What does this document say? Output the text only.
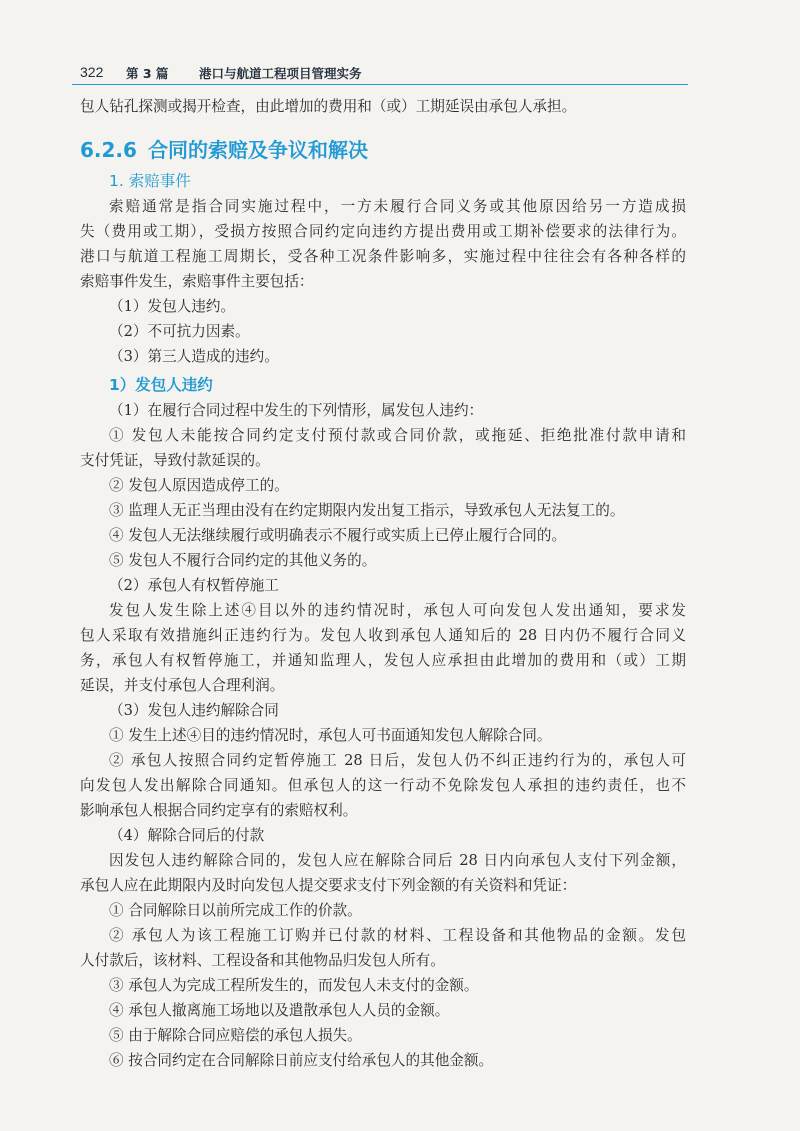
322 第 3 篇 港口与航道工程项目管理实务
包人钻孔探测或揭开检查，由此增加的费用和（或）工期延误由承包人承担。
6.2.6 合同的索赔及争议和解决
1. 索赔事件
索赔通常是指合同实施过程中，一方未履行合同义务或其他原因给另一方造成损
失（费用或工期），受损方按照合同约定向违约方提出费用或工期补偿要求的法律行为。
港口与航道工程施工周期长，受各种工况条件影响多，实施过程中往往会有各种各样的
索赔事件发生，索赔事件主要包括：
（1）发包人违约。
（2）不可抗力因素。
（3）第三人造成的违约。
1）发包人违约
（1）在履行合同过程中发生的下列情形，属发包人违约：
① 发包人未能按合同约定支付预付款或合同价款，或拖延、拒绝批准付款申请和
支付凭证，导致付款延误的。
② 发包人原因造成停工的。
③ 监理人无正当理由没有在约定期限内发出复工指示，导致承包人无法复工的。
④ 发包人无法继续履行或明确表示不履行或实质上已停止履行合同的。
⑤ 发包人不履行合同约定的其他义务的。
（2）承包人有权暂停施工
发包人发生除上述④目以外的违约情况时，承包人可向发包人发出通知，要求发
包人采取有效措施纠正违约行为。发包人收到承包人通知后的 28 日内仍不履行合同义
务，承包人有权暂停施工，并通知监理人，发包人应承担由此增加的费用和（或）工期
延误，并支付承包人合理利润。
（3）发包人违约解除合同
① 发生上述④目的违约情况时，承包人可书面通知发包人解除合同。
② 承包人按照合同约定暂停施工 28 日后，发包人仍不纠正违约行为的，承包人可
向发包人发出解除合同通知。但承包人的这一行动不免除发包人承担的违约责任，也不
影响承包人根据合同约定享有的索赔权利。
（4）解除合同后的付款
因发包人违约解除合同的，发包人应在解除合同后 28 日内向承包人支付下列金额，
承包人应在此期限内及时向发包人提交要求支付下列金额的有关资料和凭证：
① 合同解除日以前所完成工作的价款。
② 承包人为该工程施工订购并已付款的材料、工程设备和其他物品的金额。发包
人付款后，该材料、工程设备和其他物品归发包人所有。
③ 承包人为完成工程所发生的，而发包人未支付的金额。
④ 承包人撤离施工场地以及遣散承包人人员的金额。
⑤ 由于解除合同应赔偿的承包人损失。
⑥ 按合同约定在合同解除日前应支付给承包人的其他金额。
